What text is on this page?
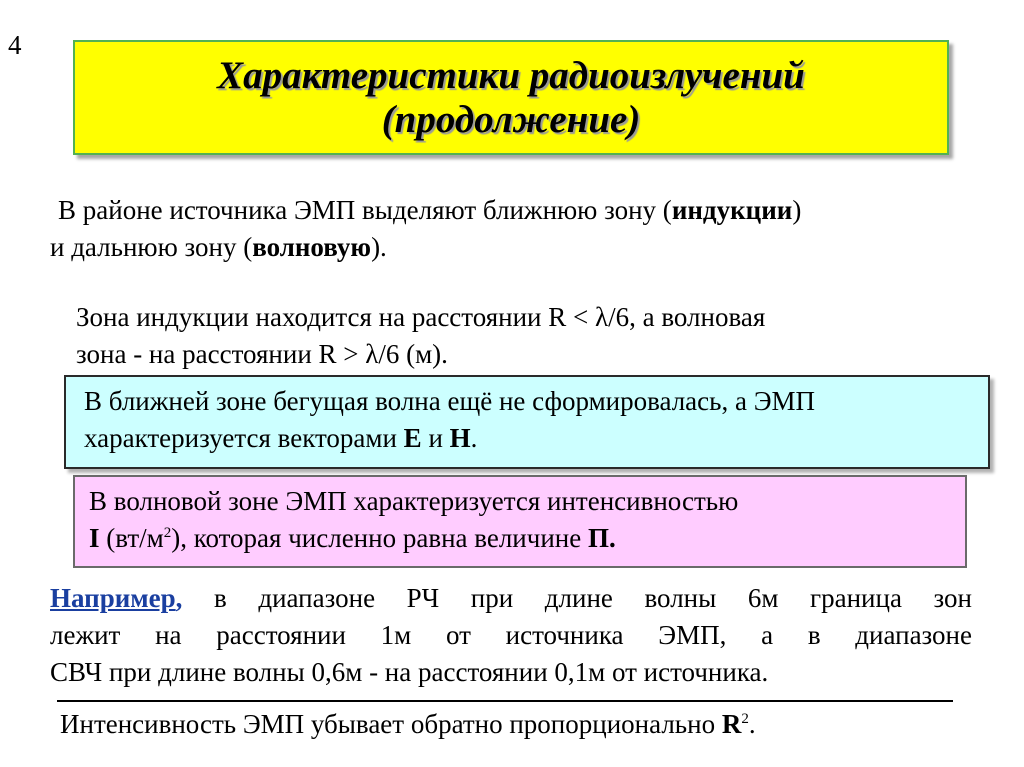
4
Характеристики радиоизлучений
(продолжение)
В районе источника ЭМП выделяют ближнюю зону (индукции)
и дальнюю зону (волновую).
Зона индукции находится на расстоянии R < λ/6, а волновая
зона - на расстоянии R > λ/6 (м).
В ближней зоне бегущая волна ещё не сформировалась, а ЭМП
характеризуется векторами Е и Н.
В волновой зоне ЭМП характеризуется интенсивностью
I $(вт/м^2)$, которая численно равна величине П.
Например, в диапазоне РЧ при длине волны 6м граница зон
лежит на расстоянии 1м от источника ЭМП, а в диапазоне
СВЧ при длине волны 0,6м - на расстоянии 0,1м от источника.
Интенсивность ЭМП убывает обратно пропорционально $R^2$.
